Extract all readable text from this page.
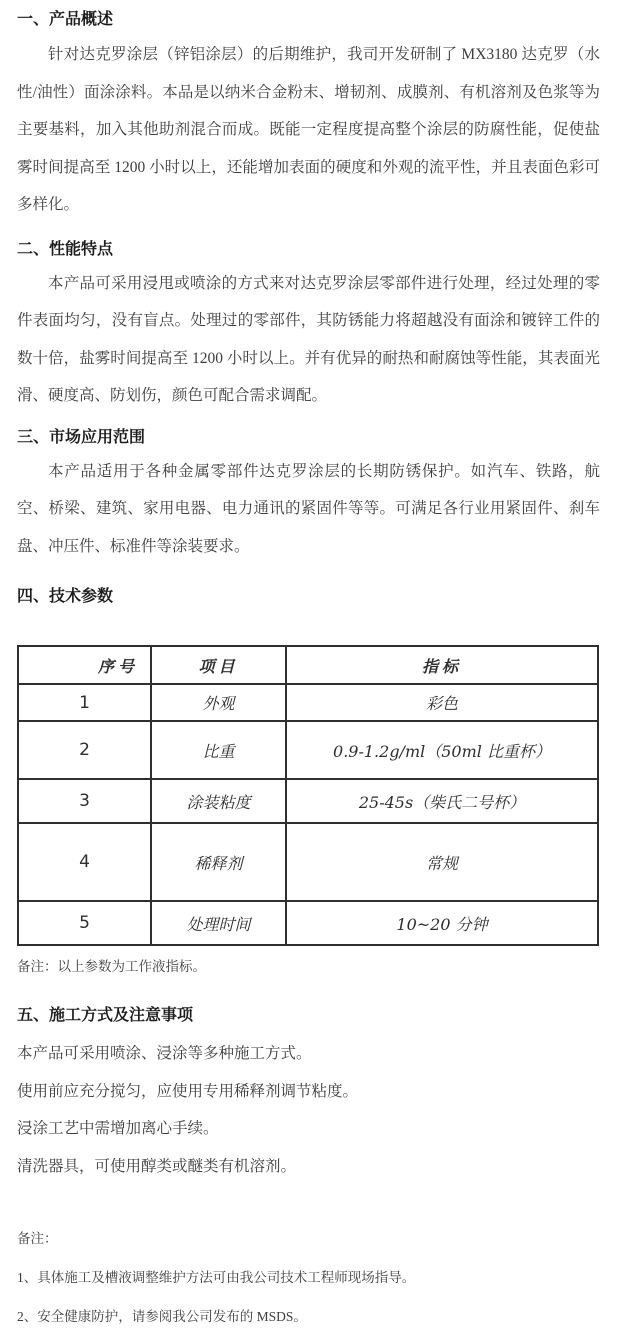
一、产品概述

针对达克罗涂层（锌铝涂层）的后期维护，我司开发研制了 MX3180 达克罗（水性/油性）面涂涂料。本品是以纳米合金粉末、增韧剂、成膜剂、有机溶剂及色浆等为主要基料，加入其他助剂混合而成。既能一定程度提高整个涂层的防腐性能，促使盐雾时间提高至 1200 小时以上，还能增加表面的硬度和外观的流平性，并且表面色彩可多样化。

二、性能特点

本产品可采用浸甩或喷涂的方式来对达克罗涂层零部件进行处理，经过处理的零件表面均匀，没有盲点。处理过的零部件，其防锈能力将超越没有面涂和镀锌工件的数十倍，盐雾时间提高至 1200 小时以上。并有优异的耐热和耐腐蚀等性能，其表面光滑、硬度高、防划伤，颜色可配合需求调配。

三、市场应用范围

本产品适用于各种金属零部件达克罗涂层的长期防锈保护。如汽车、铁路，航空、桥梁、建筑、家用电器、电力通讯的紧固件等等。可满足各行业用紧固件、刹车盘、冲压件、标准件等涂装要求。

四、技术参数
序号	项目	指标
1	外观	彩色
2	比重	0.9-1.2g/ml（50ml 比重杯）
3	涂装粘度	25-45s（柴氏二号杯）
4	稀释剂	常规
5	处理时间	10~20 分钟
备注：以上参数为工作液指标。
五、施工方式及注意事项

本产品可采用喷涂、浸涂等多种施工方式。

使用前应充分搅匀，应使用专用稀释剂调节粘度。

浸涂工艺中需增加离心手续。

清洗器具，可使用醇类或醚类有机溶剂。

备注：
1、具体施工及槽液调整维护方法可由我公司技术工程师现场指导。
2、安全健康防护，请参阅我公司发布的 MSDS。
